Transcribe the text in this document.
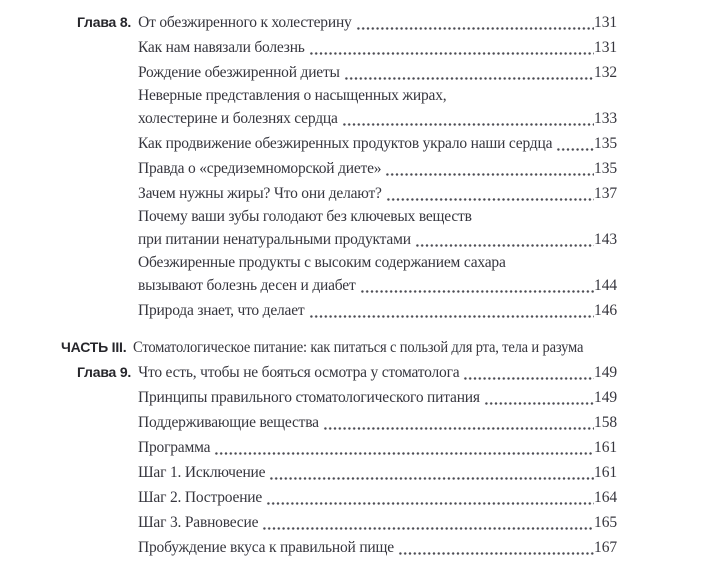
Глава 8. От обезжиренного к холестерину	131
Как нам навязали болезнь	131
Рождение обезжиренной диеты	132
Неверные представления о насыщенных жирах,
холестерине и болезнях сердца	133
Как продвижение обезжиренных продуктов украло наши сердца	135
Правда о «средиземноморской диете»	135
Зачем нужны жиры? Что они делают?	137
Почему ваши зубы голодают без ключевых веществ
при питании ненатуральными продуктами	143
Обезжиренные продукты с высоким содержанием сахара
вызывают болезнь десен и диабет	144
Природа знает, что делает	146
ЧАСТЬ III. Стоматологическое питание: как питаться с пользой для рта, тела и разума
Глава 9. Что есть, чтобы не бояться осмотра у стоматолога	149
Принципы правильного стоматологического питания	149
Поддерживающие вещества	158
Программа	161
Шаг 1. Исключение	161
Шаг 2. Построение	164
Шаг 3. Равновесие	165
Пробуждение вкуса к правильной пище	167
